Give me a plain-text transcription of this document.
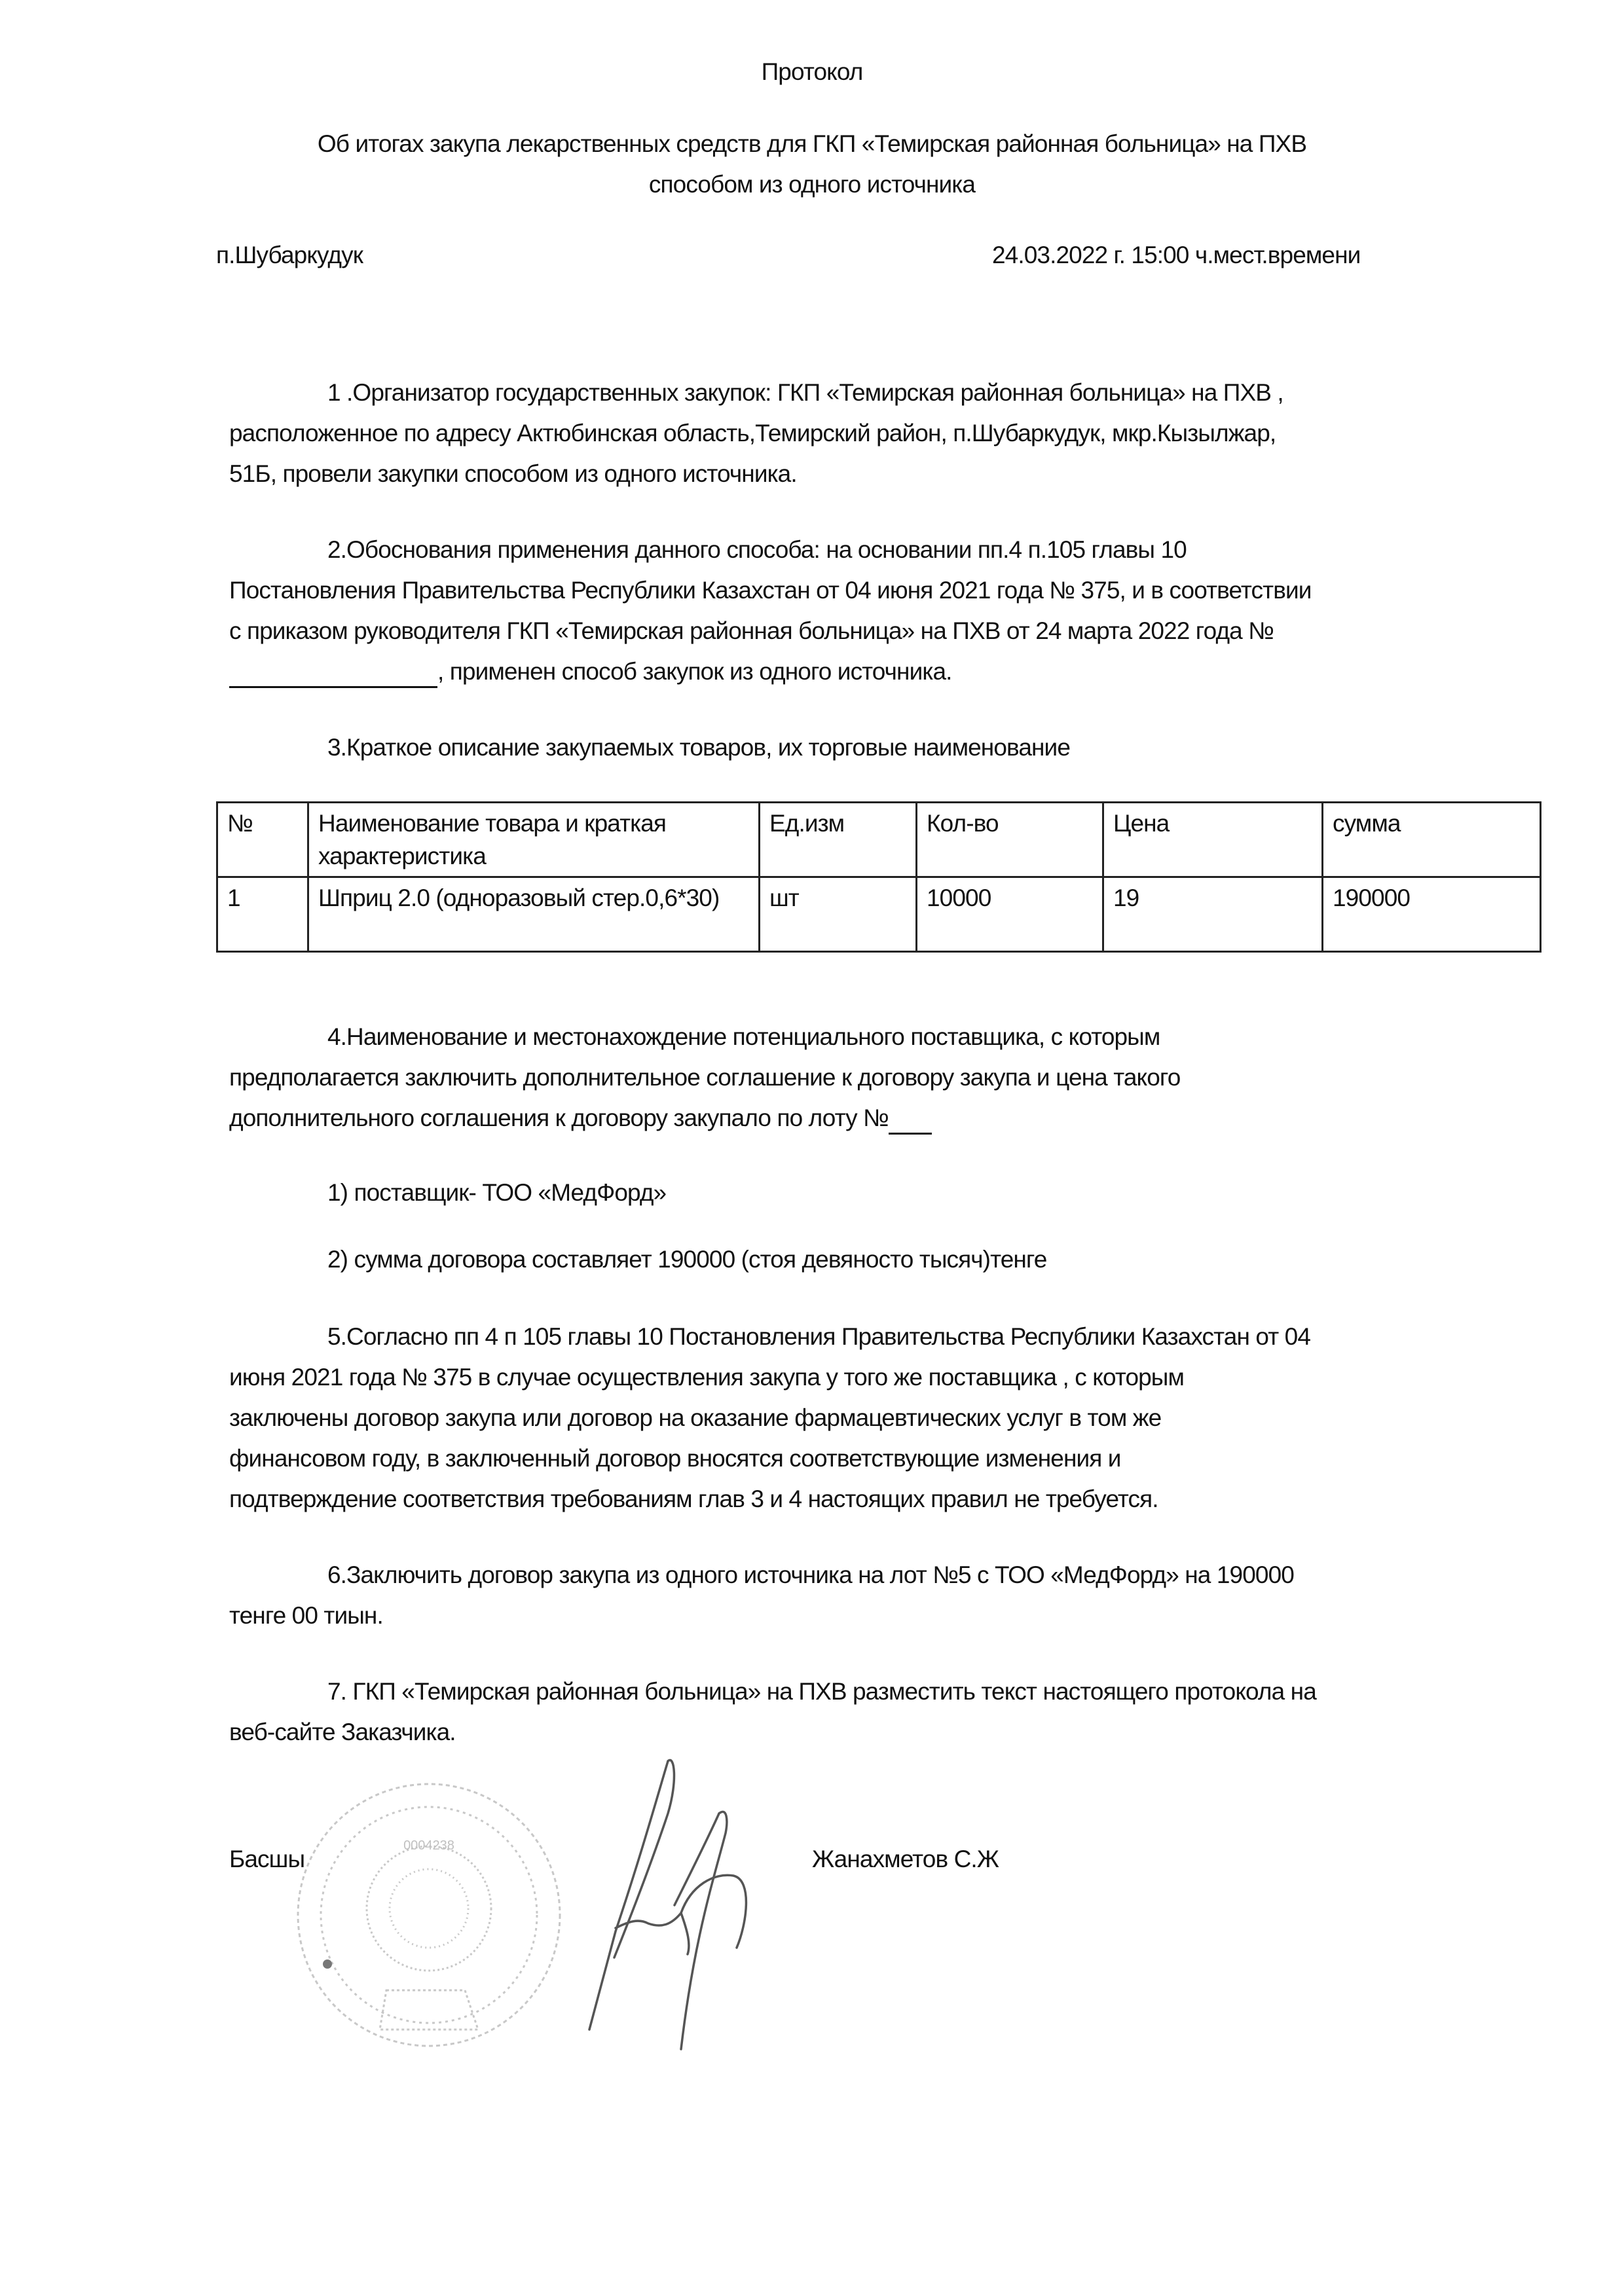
Протокол
Об итогах закупа лекарственных средств для ГКП «Темирская районная больница» на ПХВ
способом из одного источника
п.Шубаркудук	24.03.2022 г. 15:00 ч.мест.времени
1 .Организатор государственных закупок: ГКП «Темирская районная больница» на ПХВ ,
расположенное по адресу Актюбинская область,Темирский район, п.Шубаркудук, мкр.Кызылжар,
51Б, провели закупки способом из одного источника.
2.Обоснования применения данного способа: на основании пп.4 п.105 главы 10
Постановления Правительства Республики Казахстан от 04 июня 2021 года № 375, и в соответствии
с приказом руководителя ГКП «Темирская районная больница» на ПХВ от 24 марта 2022 года №
, применен способ закупок из одного источника.
3.Краткое описание закупаемых товаров, их торговые наименование
№	Наименование товара и краткая характеристика	Ед.изм	Кол-во	Цена	сумма
1	Шприц 2.0 (одноразовый стер.0,6*30)	шт	10000	19	190000
4.Наименование и местонахождение потенциального поставщика, с которым
предполагается заключить дополнительное соглашение к договору закупа и цена такого
дополнительного соглашения к договору закупало по лоту №
1) поставщик- ТОО «МедФорд»
2) сумма договора составляет 190000 (стоя девяносто тысяч)тенге
5.Согласно пп 4 п 105 главы 10 Постановления Правительства Республики Казахстан от 04
июня 2021 года № 375 в случае осуществления закупа у того же поставщика , с которым
заключены договор закупа или договор на оказание фармацевтических услуг в том же
финансовом году, в заключенный договор вносятся соответствующие изменения и
подтверждение соответствия требованиям глав 3 и 4 настоящих правил не требуется.
6.Заключить договор закупа из одного источника на лот №5 с ТОО «МедФорд» на 190000
тенге 00 тиын.
7. ГКП «Темирская районная больница» на ПХВ разместить текст настоящего протокола на
веб-сайте Заказчика.
0004238
Басшы	Жанахметов С.Ж
